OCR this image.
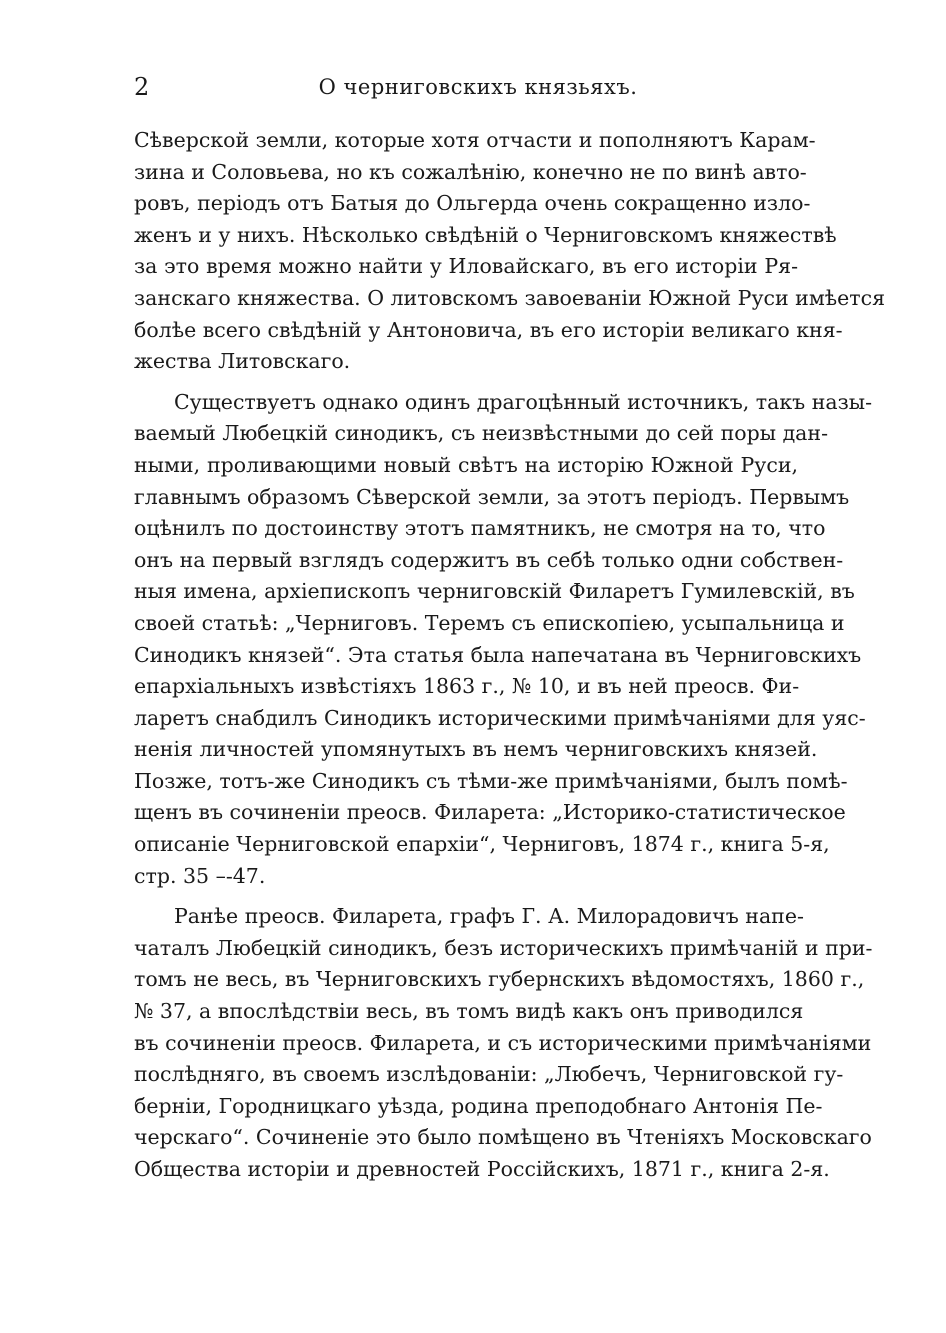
2	О черниговскихъ князьяхъ.
Сѣверской земли, которые хотя отчасти и пополняютъ Карам-
зина и Соловьева, но къ сожалѣнію, конечно не по винѣ авто-
ровъ, періодъ отъ Батыя до Ольгерда очень сокращенно изло-
женъ и у нихъ. Нѣсколько свѣдѣній о Черниговскомъ княжествѣ
за это время можно найти у Иловайскаго, въ его исторіи Ря-
занскаго княжества. О литовскомъ завоеваніи Южной Руси имѣется
болѣе всего свѣдѣній у Антоновича, въ его исторіи великаго кня-
жества Литовскаго.
Существуетъ однако одинъ драгоцѣнный источникъ, такъ назы-
ваемый Любецкій синодикъ, съ неизвѣстными до сей поры дан-
ными, проливающими новый свѣтъ на исторію Южной Руси,
главнымъ образомъ Сѣверской земли, за этотъ періодъ. Первымъ
оцѣнилъ по достоинству этотъ памятникъ, не смотря на то, что
онъ на первый взглядъ содержитъ въ себѣ только одни собствен-
ныя имена, архіепископъ черниговскій Филаретъ Гумилевскій, въ
своей статьѣ: „Черниговъ. Теремъ съ епископіею, усыпальница и
Синодикъ князей“. Эта статья была напечатана въ Черниговскихъ
епархіальныхъ извѣстіяхъ 1863 г., № 10, и въ ней преосв. Фи-
ларетъ снабдилъ Синодикъ историческими примѣчаніями для уяс-
ненія личностей упомянутыхъ въ немъ черниговскихъ князей.
Позже, тотъ-же Синодикъ съ тѣми-же примѣчаніями, былъ помѣ-
щенъ въ сочиненіи преосв. Филарета: „Историко-статистическое
описаніе Черниговской епархіи“, Черниговъ, 1874 г., книга 5-я,
стр. 35 –-47.
Ранѣе преосв. Филарета, графъ Г. А. Милорадовичъ напе-
чаталъ Любецкій синодикъ, безъ историческихъ примѣчаній и при-
томъ не весь, въ Черниговскихъ губернскихъ вѣдомостяхъ, 1860 г.,
№ 37, а впослѣдствіи весь, въ томъ видѣ какъ онъ приводился
въ сочиненіи преосв. Филарета, и съ историческими примѣчаніями
послѣдняго, въ своемъ изслѣдованіи: „Любечъ, Черниговской гу-
берніи, Городницкаго уѣзда, родина преподобнаго Антонія Пе-
черскаго“. Сочиненіе это было помѣщено въ Чтеніяхъ Московскаго
Общества исторіи и древностей Россійскихъ, 1871 г., книга 2-я.
